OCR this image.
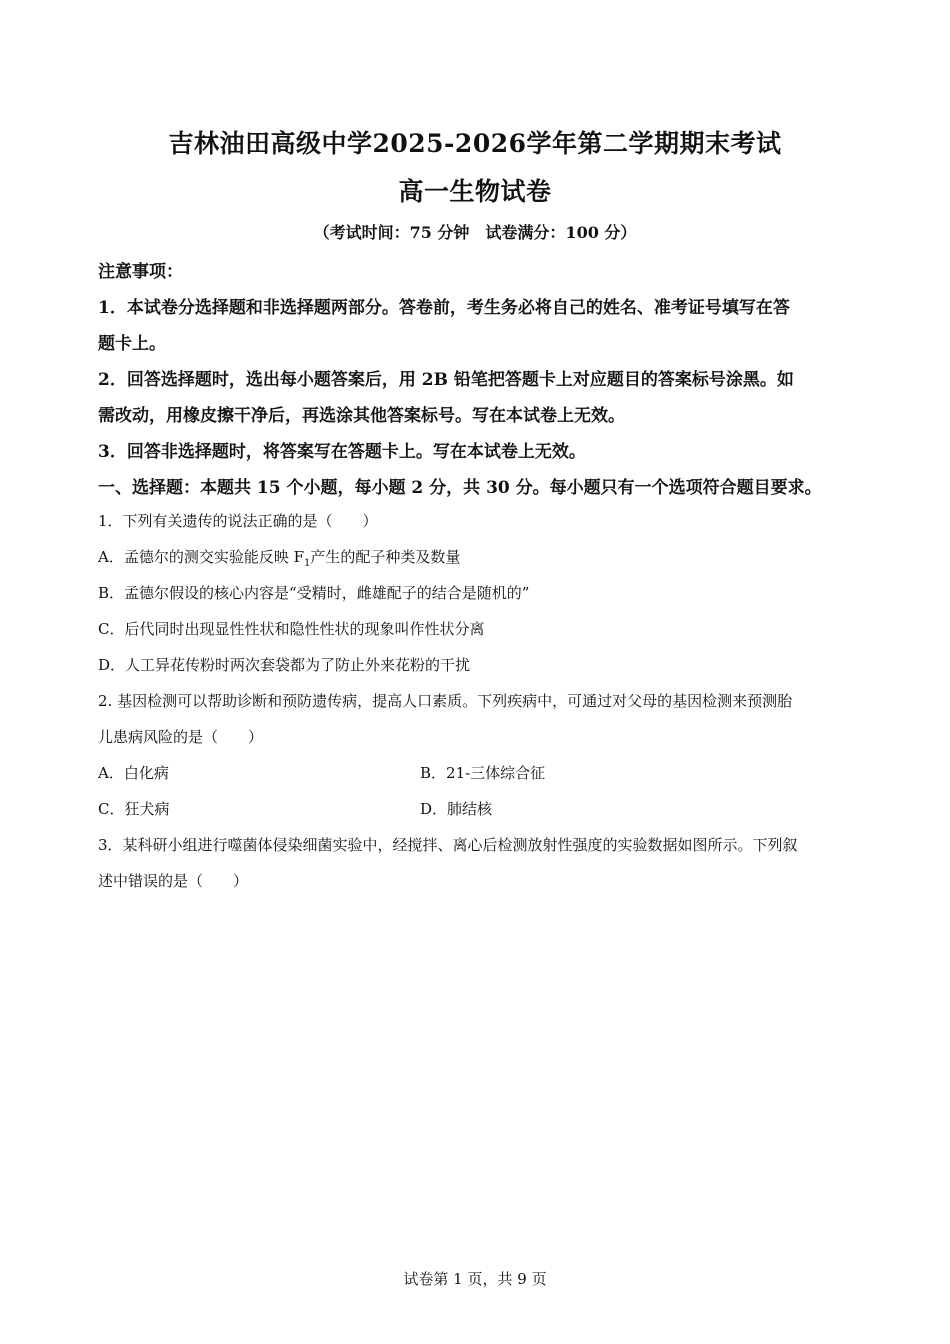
吉林油田高级中学2025-2026学年第二学期期末考试
高一生物试卷
（考试时间：75 分钟　试卷满分：100 分）
注意事项：
1．本试卷分选择题和非选择题两部分。答卷前，考生务必将自己的姓名、准考证号填写在答
题卡上。
2．回答选择题时，选出每小题答案后，用 2B 铅笔把答题卡上对应题目的答案标号涂黑。如
需改动，用橡皮擦干净后，再选涂其他答案标号。写在本试卷上无效。
3．回答非选择题时，将答案写在答题卡上。写在本试卷上无效。
一、选择题：本题共 15 个小题，每小题 2 分，共 30 分。每小题只有一个选项符合题目要求。
1．下列有关遗传的说法正确的是（　　）
A．孟德尔的测交实验能反映 $F_1$产生的配子种类及数量
B．孟德尔假设的核心内容是“受精时，雌雄配子的结合是随机的”
C．后代同时出现显性性状和隐性性状的现象叫作性状分离
D．人工异花传粉时两次套袋都为了防止外来花粉的干扰
2. 基因检测可以帮助诊断和预防遗传病，提高人口素质。下列疾病中，可通过对父母的基因检测来预测胎
儿患病风险的是（　　）
A．白化病	B．21-三体综合征
C．狂犬病	D．肺结核
3．某科研小组进行噬菌体侵染细菌实验中，经搅拌、离心后检测放射性强度的实验数据如图所示。下列叙
述中错误的是（　　）
试卷第 1 页，共 9 页
